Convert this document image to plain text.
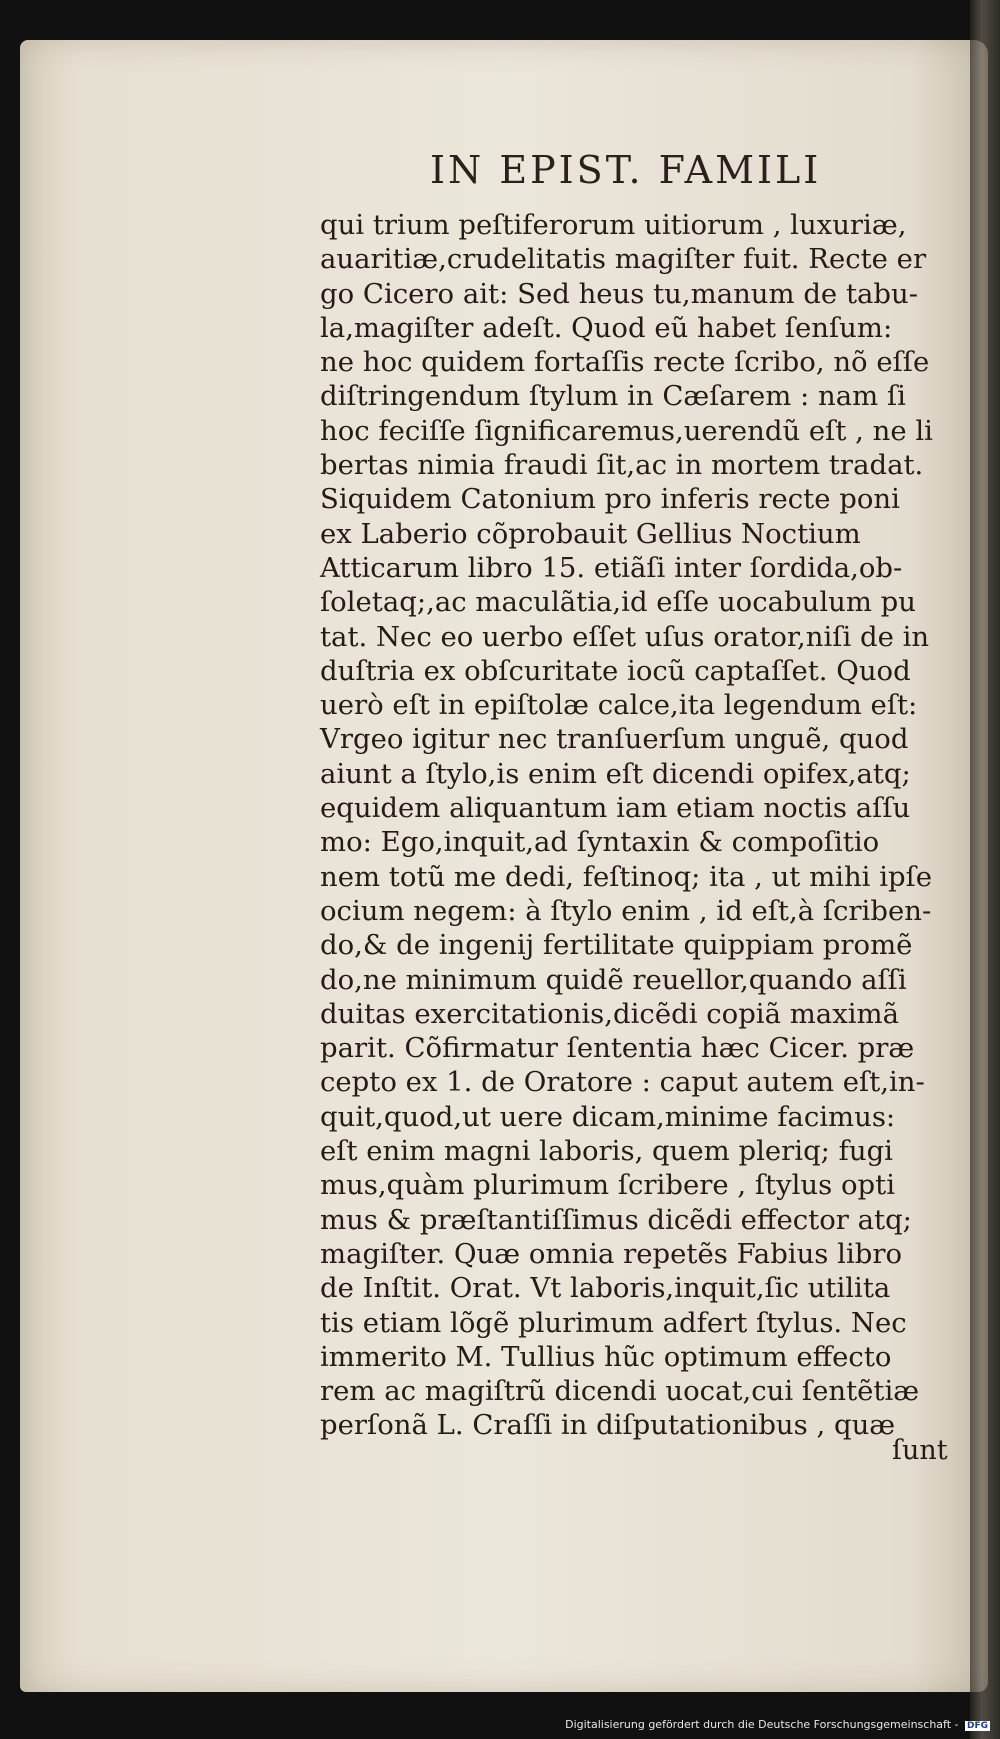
IN EPIST. FAMILI
qui trium peſtiferorum uitiorum , luxuriæ,
auaritiæ,crudelitatis magiſter fuit. Recte er
go Cicero ait: Sed heus tu,manum de tabu-
la,magiſter adeſt. Quod eũ habet ſenſum:
ne hoc quidem fortaſſis recte ſcribo, nõ eſſe
diſtringendum ſtylum in Cæſarem : nam ſi
hoc feciſſe ſignificaremus,uerendũ eſt , ne li
bertas nimia fraudi ſit,ac in mortem tradat.
Siquidem Catonium pro inferis recte poni
ex Laberio cõprobauit Gellius Noctium
Atticarum libro 15. etiãſi inter ſordida,ob-
ſoletaq;,ac maculãtia,id eſſe uocabulum pu
tat. Nec eo uerbo eſſet uſus orator,niſi de in
duſtria ex obſcuritate iocũ captaſſet. Quod
uerò eſt in epiſtolæ calce,ita legendum eſt:
Vrgeo igitur nec tranſuerſum unguẽ, quod
aiunt a ſtylo,is enim eſt dicendi opifex,atq;
equidem aliquantum iam etiam noctis aſſu
mo: Ego,inquit,ad ſyntaxin & compoſitio
nem totũ me dedi, feſtinoq; ita , ut mihi ipſe
ocium negem: à ſtylo enim , id eſt,à ſcriben-
do,& de ingenij fertilitate quippiam promẽ
do,ne minimum quidẽ reuellor,quando aſſi
duitas exercitationis,dicẽdi copiã maximã
parit. Cõfirmatur ſententia hæc Cicer. præ
cepto ex 1. de Oratore : caput autem eſt,in-
quit,quod,ut uere dicam,minime facimus:
eſt enim magni laboris, quem pleriq; fugi
mus,quàm plurimum ſcribere , ſtylus opti
mus & præſtantiſſimus dicẽdi effector atq;
magiſter. Quæ omnia repetẽs Fabius libro
de Inſtit. Orat. Vt laboris,inquit,ſic utilita
tis etiam lõgẽ plurimum adfert ſtylus. Nec
immerito M. Tullius hũc optimum effecto
rem ac magiſtrũ dicendi uocat,cui ſentẽtiæ
perſonã L. Craſſi in diſputationibus , quæ
ſunt
Digitalisierung gefördert durch die Deutsche Forschungsgemeinschaft - DFG
